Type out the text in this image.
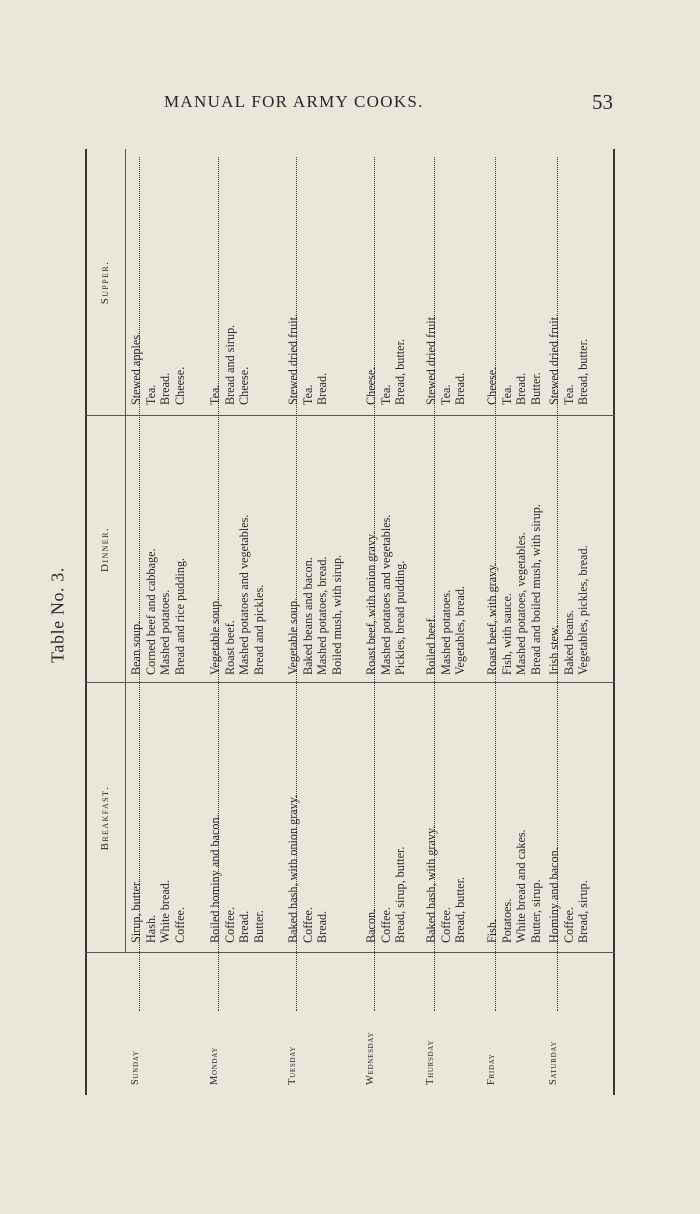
MANUAL FOR ARMY COOKS.	53
Table No. 3.
Breakfast.
Dinner.
Supper.
Sunday
Sirup, butter. Hash. White bread. Coffee.
Bean soup. Corned beef and cabbage. Mashed potatoes. Bread and rice pudding.
Stewed apples. Tea. Bread. Cheese.
Monday
Boiled hominy and bacon. Coffee. Bread. Butter.
Vegetable soup. Roast beef. Mashed potatoes and vegetables. Bread and pickles.
Tea. Bread and sirup. Cheese.
Tuesday
Baked hash, with onion gravy. Coffee. Bread.
Vegetable soup. Baked beans and bacon. Mashed potatoes, bread. Boiled mush, with sirup.
Stewed dried fruit. Tea. Bread.
Wednesday
Bacon. Coffee. Bread, sirup, butter.
Roast beef, with onion gravy. Mashed potatoes and vegetables. Pickles, bread pudding.
Cheese. Tea. Bread, butter.
Thursday
Baked hash, with gravy. Coffee. Bread, butter.
Boiled beef. Mashed potatoes. Vegetables, bread.
Stewed dried fruit. Tea. Bread.
Friday
Fish. Potatoes. White bread and cakes. Butter, sirup.
Roast beef, with gravy. Fish, with sauce. Mashed potatoes, vegetables. Bread and boiled mush, with sirup.
Cheese. Tea. Bread. Butter.
Saturday
Hominy and bacon. Coffee. Bread, sirup.
Irish stew. Baked beans. Vegetables, pickles, bread.
Stewed dried fruit. Tea. Bread, butter.
